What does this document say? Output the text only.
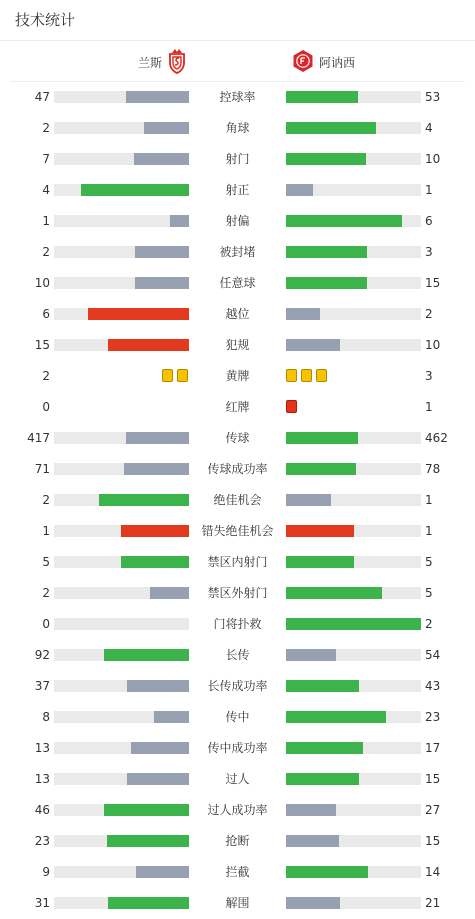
技术统计
兰斯	阿讷西
47	控球率	53
2	角球	4
7	射门	10
4	射正	1
1	射偏	6
2	被封堵	3
10	任意球	15
6	越位	2
15	犯规	10
2	黄牌	3
0	红牌	1
417	传球	462
71	传球成功率	78
2	绝佳机会	1
1	错失绝佳机会	1
5	禁区内射门	5
2	禁区外射门	5
0	门将扑救	2
92	长传	54
37	长传成功率	43
8	传中	23
13	传中成功率	17
13	过人	15
46	过人成功率	27
23	抢断	15
9	拦截	14
31	解围	21
